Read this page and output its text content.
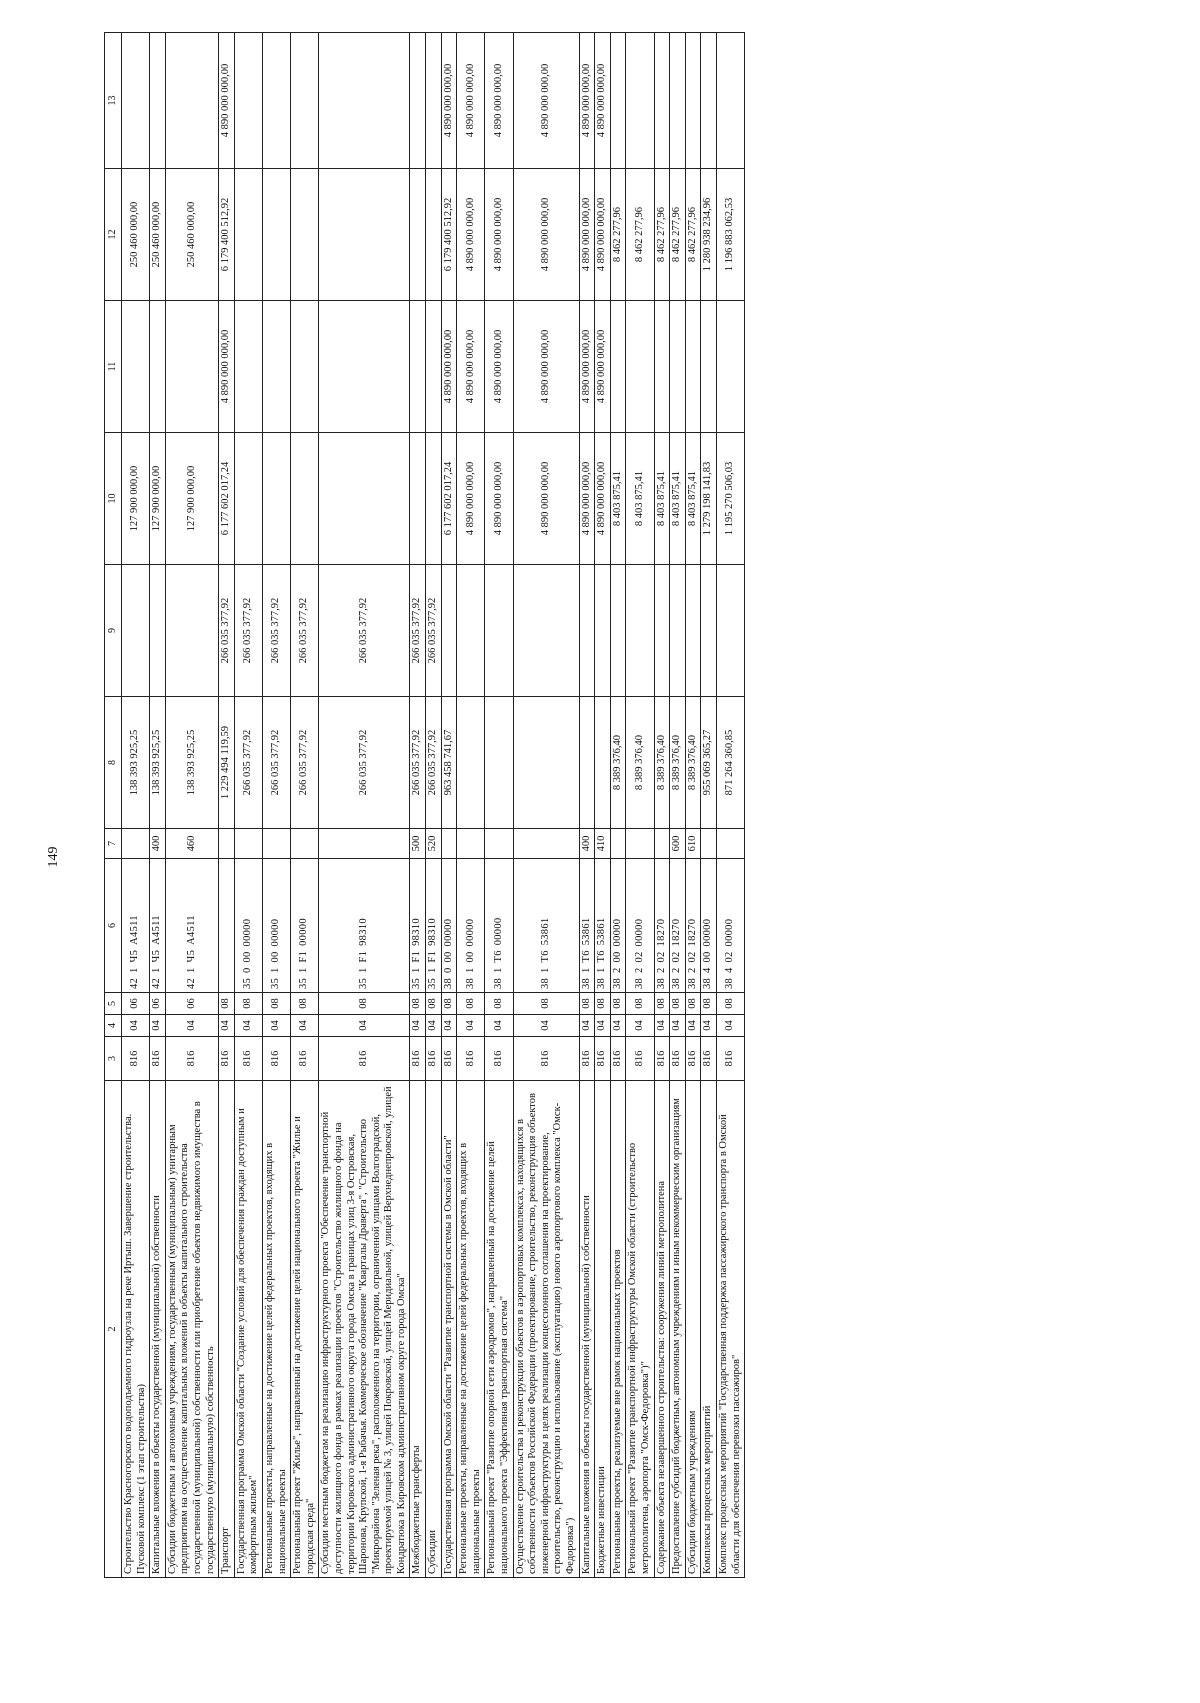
149
2	3	4	5	6	7	8	9	10	11	12	13
Строительство Красногорского водоподъемного гидроузла на реке Иртыш. Завершение строительства. Пусковой комплекс (1 этап строительства)	816	04	06	42 1 Ч5 А4511		138 393 925,25		127 900 000,00		250 460 000,00	
Капитальные вложения в объекты государственной (муниципальной) собственности	816	04	06	42 1 Ч5 А4511	400	138 393 925,25		127 900 000,00		250 460 000,00	
Субсидии бюджетным и автономным учреждениям, государственным (муниципальным) унитарным предприятиям на осуществление капитальных вложений в объекты капитального строительства государственной (муниципальной) собственности или приобретение объектов недвижимого имущества в государственную (муниципальную) собственность	816	04	06	42 1 Ч5 А4511	460	138 393 925,25		127 900 000,00		250 460 000,00	
Транспорт	816	04	08			1 229 494 119,59	266 035 377,92	6 177 602 017,24	4 890 000 000,00	6 179 400 512,92	4 890 000 000,00
Государственная программа Омской области "Создание условий для обеспечения граждан доступным и комфортным жильем"	816	04	08	35 0 00 00000		266 035 377,92	266 035 377,92				
Региональные проекты, направленные на достижение целей федеральных проектов, входящих в национальные проекты	816	04	08	35 1 00 00000		266 035 377,92	266 035 377,92				
Региональный проект "Жилье", направленный на достижение целей национального проекта "Жилье и городская среда"	816	04	08	35 1 F1 00000		266 035 377,92	266 035 377,92				
Субсидии местным бюджетам на реализацию инфраструктурного проекта "Обеспечение транспортной доступности жилищного фонда в рамках реализации проектов "Строительство жилищного фонда на территории Кировского административного округа города Омска в границах улиц 3-я Островская, Шаронова, Крупской, 1-я Рыбачья. Коммерческое обозначение "Кварталы Драверта", "Строительство "Микрорайона "Зеленая река", расположенного на территории, ограниченной улицами Волгоградской, проектируемой улицей № 3, улицей Покровской, улицей Меридиальной, улицей Верхнеднепровской, улицей Кондратюка в Кировском административном округе города Омска"	816	04	08	35 1 F1 98310		266 035 377,92	266 035 377,92				
Межбюджетные трансферты	816	04	08	35 1 F1 98310	500	266 035 377,92	266 035 377,92				
Субсидии	816	04	08	35 1 F1 98310	520	266 035 377,92	266 035 377,92				
Государственная программа Омской области "Развитие транспортной системы в Омской области"	816	04	08	38 0 00 00000		963 458 741,67		6 177 602 017,24	4 890 000 000,00	6 179 400 512,92	4 890 000 000,00
Региональные проекты, направленные на достижение целей федеральных проектов, входящих в национальные проекты	816	04	08	38 1 00 00000				4 890 000 000,00	4 890 000 000,00	4 890 000 000,00	4 890 000 000,00
Региональный проект "Развитие опорной сети аэродромов", направленный на достижение целей национального проекта "Эффективная транспортная система"	816	04	08	38 1 Т6 00000				4 890 000 000,00	4 890 000 000,00	4 890 000 000,00	4 890 000 000,00
Осуществление строительства и реконструкции объектов в аэропортовых комплексах, находящихся в собственности субъектов Российской Федерации (проектирование, строительство, реконструкция объектов инженерной инфраструктуры в целях реализации концессионного соглашения на проектирование, строительство, реконструкцию и использование (эксплуатацию) нового аэропортового комплекса "Омск-Федоровка")	816	04	08	38 1 Т6 53861				4 890 000 000,00	4 890 000 000,00	4 890 000 000,00	4 890 000 000,00
Капитальные вложения в объекты государственной (муниципальной) собственности	816	04	08	38 1 Т6 53861	400			4 890 000 000,00	4 890 000 000,00	4 890 000 000,00	4 890 000 000,00
Бюджетные инвестиции	816	04	08	38 1 Т6 53861	410			4 890 000 000,00	4 890 000 000,00	4 890 000 000,00	4 890 000 000,00
Региональные проекты, реализуемые вне рамок национальных проектов	816	04	08	38 2 00 00000		8 389 376,40		8 403 875,41		8 462 277,96	
Региональный проект "Развитие транспортной инфраструктуры Омской области (строительство метрополитена, аэропорта "Омск-Федоровка")"	816	04	08	38 2 02 00000		8 389 376,40		8 403 875,41		8 462 277,96	
Содержание объекта незавершенного строительства: сооружения линий метрополитена	816	04	08	38 2 02 18270		8 389 376,40		8 403 875,41		8 462 277,96	
Предоставление субсидий бюджетным, автономным учреждениям и иным некоммерческим организациям	816	04	08	38 2 02 18270	600	8 389 376,40		8 403 875,41		8 462 277,96	
Субсидии бюджетным учреждениям	816	04	08	38 2 02 18270	610	8 389 376,40		8 403 875,41		8 462 277,96	
Комплексы процессных мероприятий	816	04	08	38 4 00 00000		955 069 365,27		1 279 198 141,83		1 280 938 234,96	
Комплекс процессных мероприятий "Государственная поддержка пассажирского транспорта в Омской области для обеспечения перевозки пассажиров"	816	04	08	38 4 02 00000		871 264 360,85		1 195 270 506,03		1 196 883 062,53	
